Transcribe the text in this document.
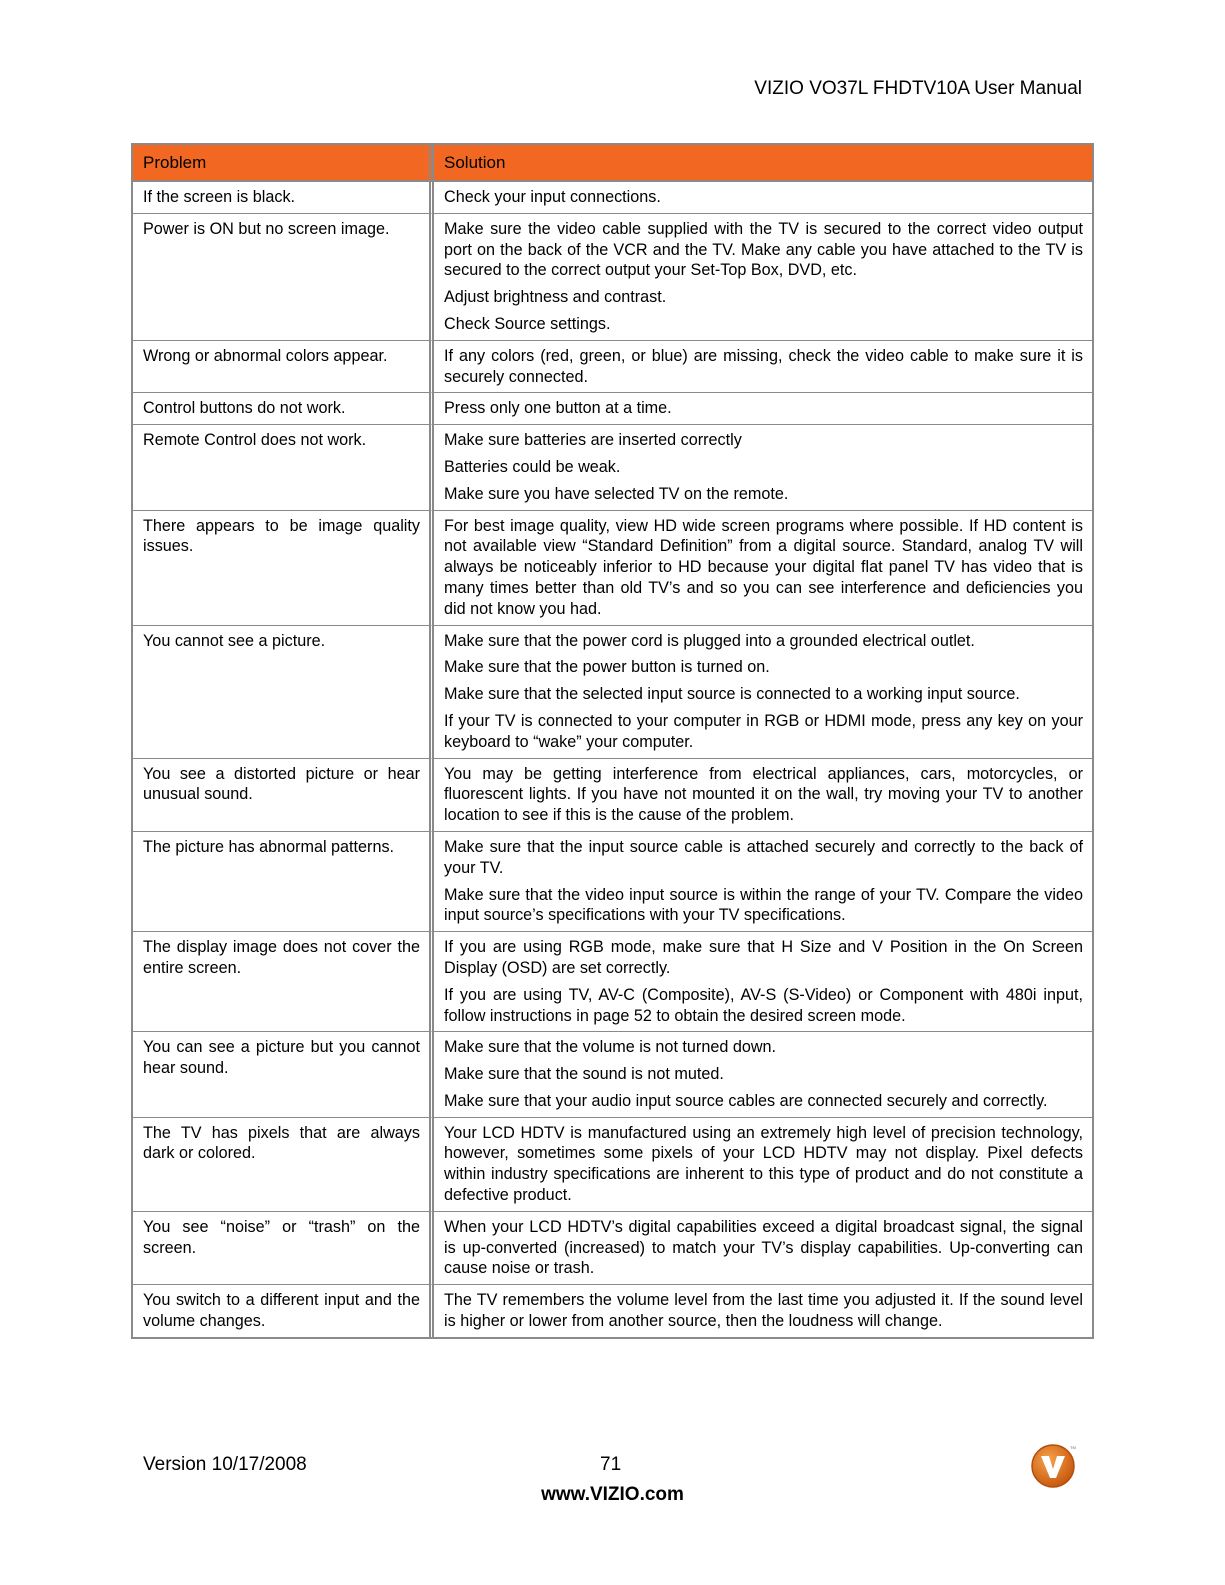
VIZIO VO37L FHDTV10A User Manual
Problem	Solution
If the screen is black.	Check your input connections.

Power is ON but no screen image.	Make sure the video cable supplied with the TV is secured to the correct video output port on the back of the VCR and the TV. Make any cable you have attached to the TV is secured to the correct output your Set-Top Box, DVD, etc.
Adjust brightness and contrast.
Check Source settings.

Wrong or abnormal colors appear.	If any colors (red, green, or blue) are missing, check the video cable to make sure it is securely connected.

Control buttons do not work.	Press only one button at a time.

Remote Control does not work.	Make sure batteries are inserted correctly
Batteries could be weak.
Make sure you have selected TV on the remote.

There appears to be image quality issues.	For best image quality, view HD wide screen programs where possible. If HD content is not available view “Standard Definition” from a digital source. Standard, analog TV will always be noticeably inferior to HD because your digital flat panel TV has video that is many times better than old TV’s and so you can see interference and deficiencies you did not know you had.

You cannot see a picture.	Make sure that the power cord is plugged into a grounded electrical outlet.
Make sure that the power button is turned on.
Make sure that the selected input source is connected to a working input source.
If your TV is connected to your computer in RGB or HDMI mode, press any key on your keyboard to “wake” your computer.

You see a distorted picture or hear unusual sound.	You may be getting interference from electrical appliances, cars, motorcycles, or fluorescent lights. If you have not mounted it on the wall, try moving your TV to another location to see if this is the cause of the problem.

The picture has abnormal patterns.	Make sure that the input source cable is attached securely and correctly to the back of your TV.
Make sure that the video input source is within the range of your TV. Compare the video input source’s specifications with your TV specifications.

The display image does not cover the entire screen.	If you are using RGB mode, make sure that H Size and V Position in the On Screen Display (OSD) are set correctly.
If you are using TV, AV-C (Composite), AV-S (S-Video) or Component with 480i input, follow instructions in page 52 to obtain the desired screen mode.

You can see a picture but you cannot hear sound.	Make sure that the volume is not turned down.
Make sure that the sound is not muted.
Make sure that your audio input source cables are connected securely and correctly.

The TV has pixels that are always dark or colored.	Your LCD HDTV is manufactured using an extremely high level of precision technology, however, sometimes some pixels of your LCD HDTV may not display. Pixel defects within industry specifications are inherent to this type of product and do not constitute a defective product.

You see “noise” or “trash” on the screen.	When your LCD HDTV’s digital capabilities exceed a digital broadcast signal, the signal is up-converted (increased) to match your TV’s display capabilities. Up-converting can cause noise or trash.

You switch to a different input and the volume changes.	The TV remembers the volume level from the last time you adjusted it. If the sound level is higher or lower from another source, then the loudness will change.
Version 10/17/2008	71
www.VIZIO.com
TM
